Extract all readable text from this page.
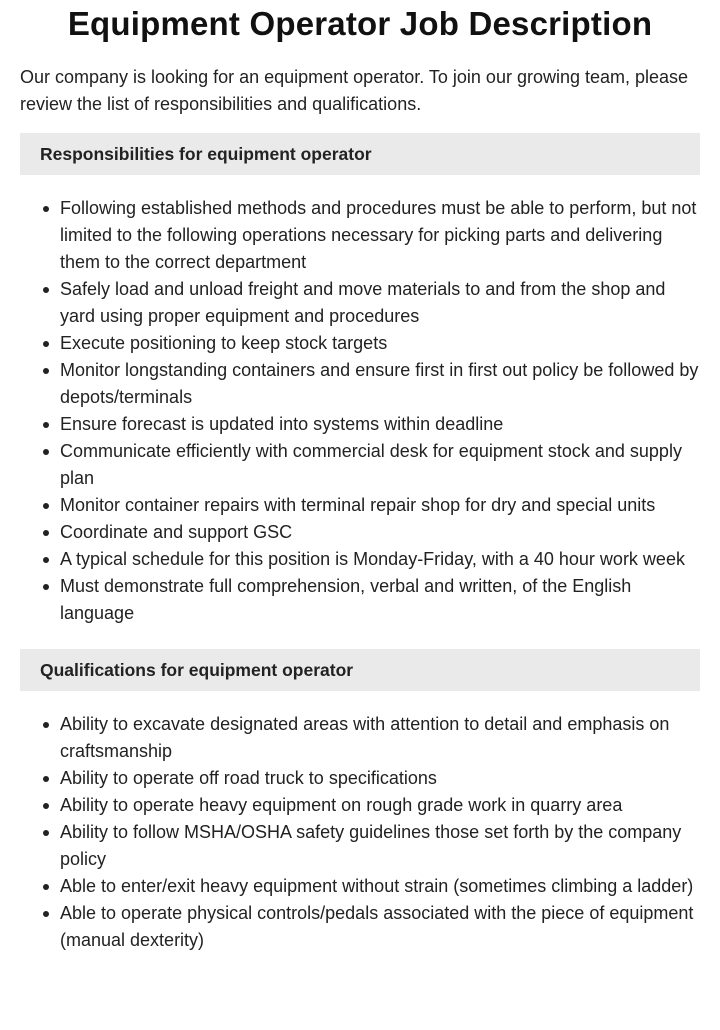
Equipment Operator Job Description

Our company is looking for an equipment operator. To join our growing team, please review the list of responsibilities and qualifications.

Responsibilities for equipment operator
Following established methods and procedures must be able to perform, but not limited to the following operations necessary for picking parts and delivering them to the correct department
Safely load and unload freight and move materials to and from the shop and yard using proper equipment and procedures
Execute positioning to keep stock targets
Monitor longstanding containers and ensure first in first out policy be followed by depots/terminals
Ensure forecast is updated into systems within deadline
Communicate efficiently with commercial desk for equipment stock and supply plan
Monitor container repairs with terminal repair shop for dry and special units
Coordinate and support GSC
A typical schedule for this position is Monday-Friday, with a 40 hour work week
Must demonstrate full comprehension, verbal and written, of the English language
Qualifications for equipment operator
Ability to excavate designated areas with attention to detail and emphasis on craftsmanship
Ability to operate off road truck to specifications
Ability to operate heavy equipment on rough grade work in quarry area
Ability to follow MSHA/OSHA safety guidelines those set forth by the company policy
Able to enter/exit heavy equipment without strain (sometimes climbing a ladder)
Able to operate physical controls/pedals associated with the piece of equipment (manual dexterity)
